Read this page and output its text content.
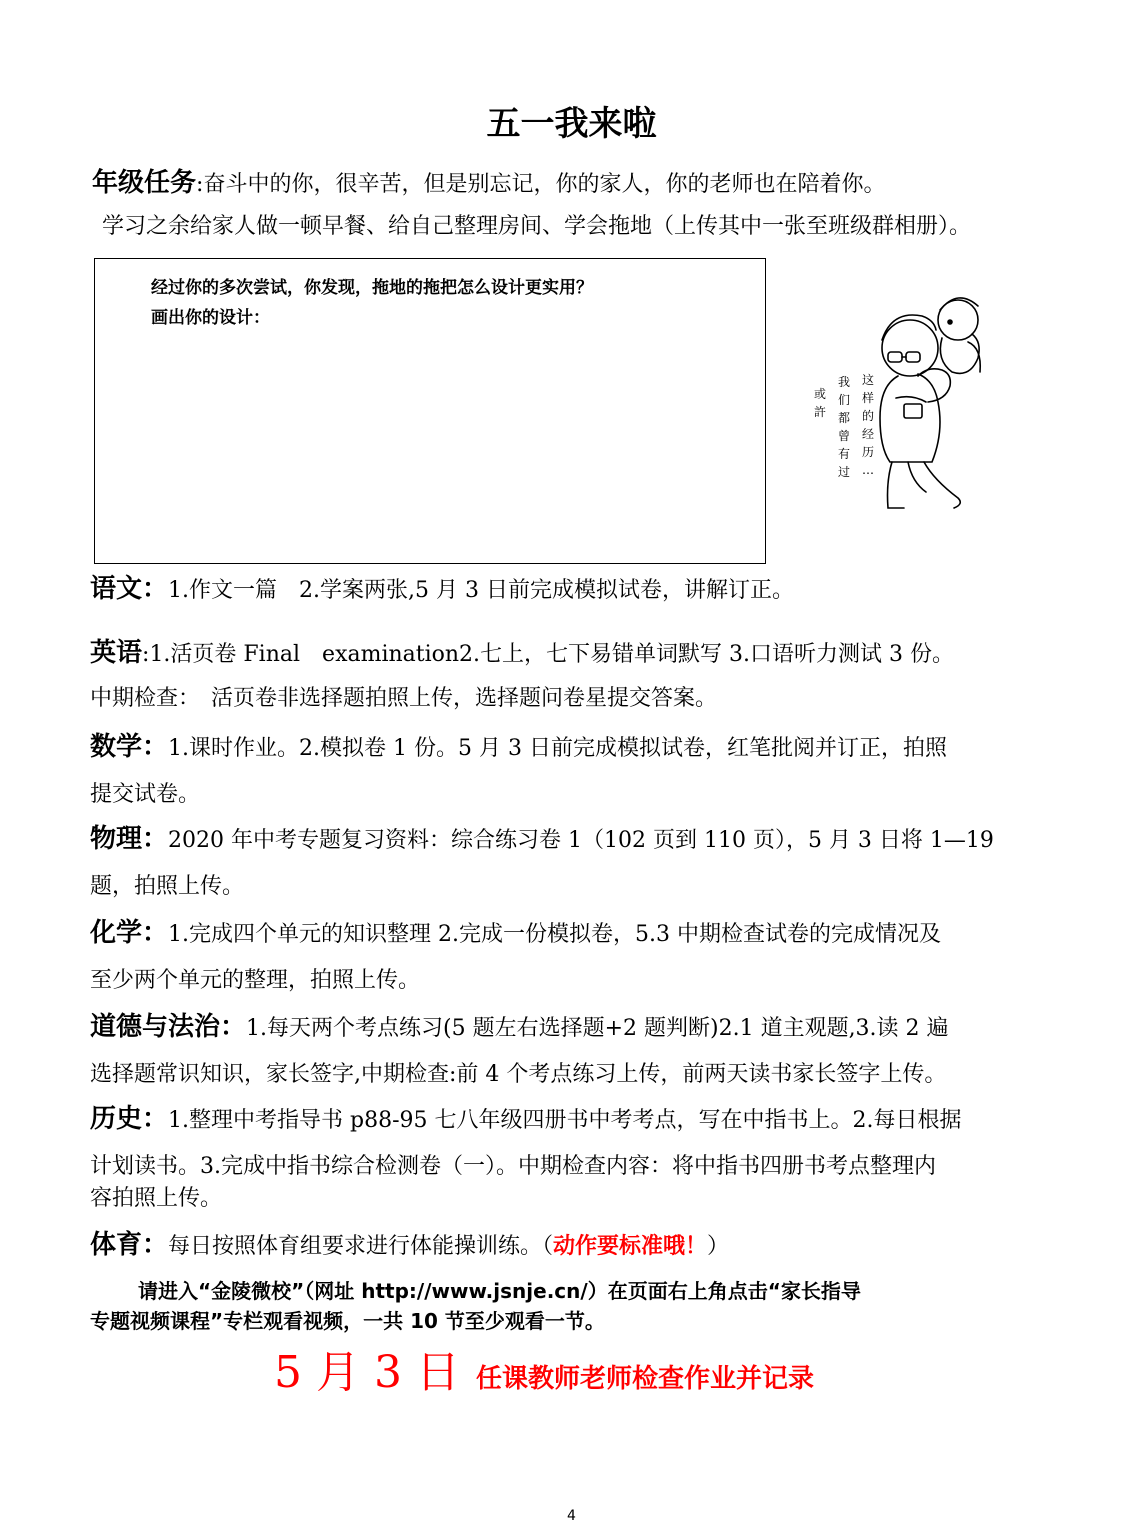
五一我来啦
年级任务:奋斗中的你，很辛苦，但是别忘记，你的家人，你的老师也在陪着你。
学习之余给家人做一顿早餐、给自己整理房间、学会拖地（上传其中一张至班级群相册）。
经过你的多次尝试，你发现，拖地的拖把怎么设计更实用？
画出你的设计：
或許
我们都曾有过
这样的经历…
语文：1.作文一篇　2.学案两张,5 月 3 日前完成模拟试卷，讲解订正。
英语:1.活页卷 Final　examination2.七上，七下易错单词默写 3.口语听力测试 3 份。
中期检查：　活页卷非选择题拍照上传，选择题问卷星提交答案。
数学：1.课时作业。2.模拟卷 1 份。5 月 3 日前完成模拟试卷，红笔批阅并订正，拍照
提交试卷。
物理：2020 年中考专题复习资料：综合练习卷 1（102 页到 110 页），5 月 3 日将 1—19
题，拍照上传。
化学：1.完成四个单元的知识整理 2.完成一份模拟卷，5.3 中期检查试卷的完成情况及
至少两个单元的整理，拍照上传。
道德与法治：1.每天两个考点练习(5 题左右选择题+2 题判断)2.1 道主观题,3.读 2 遍
选择题常识知识，家长签字,中期检查:前 4 个考点练习上传，前两天读书家长签字上传。
历史：1.整理中考指导书 p88-95 七八年级四册书中考考点，写在中指书上。2.每日根据
计划读书。3.完成中指书综合检测卷（一）。中期检查内容：将中指书四册书考点整理内
容拍照上传。
体育：每日按照体育组要求进行体能操训练。（动作要标准哦！）
请进入“金陵微校”（网址 http://www.jsnje.cn/）在页面右上角点击“家长指导
专题视频课程”专栏观看视频，一共 10 节至少观看一节。
5 月 3 日 任课教师老师检查作业并记录
4
